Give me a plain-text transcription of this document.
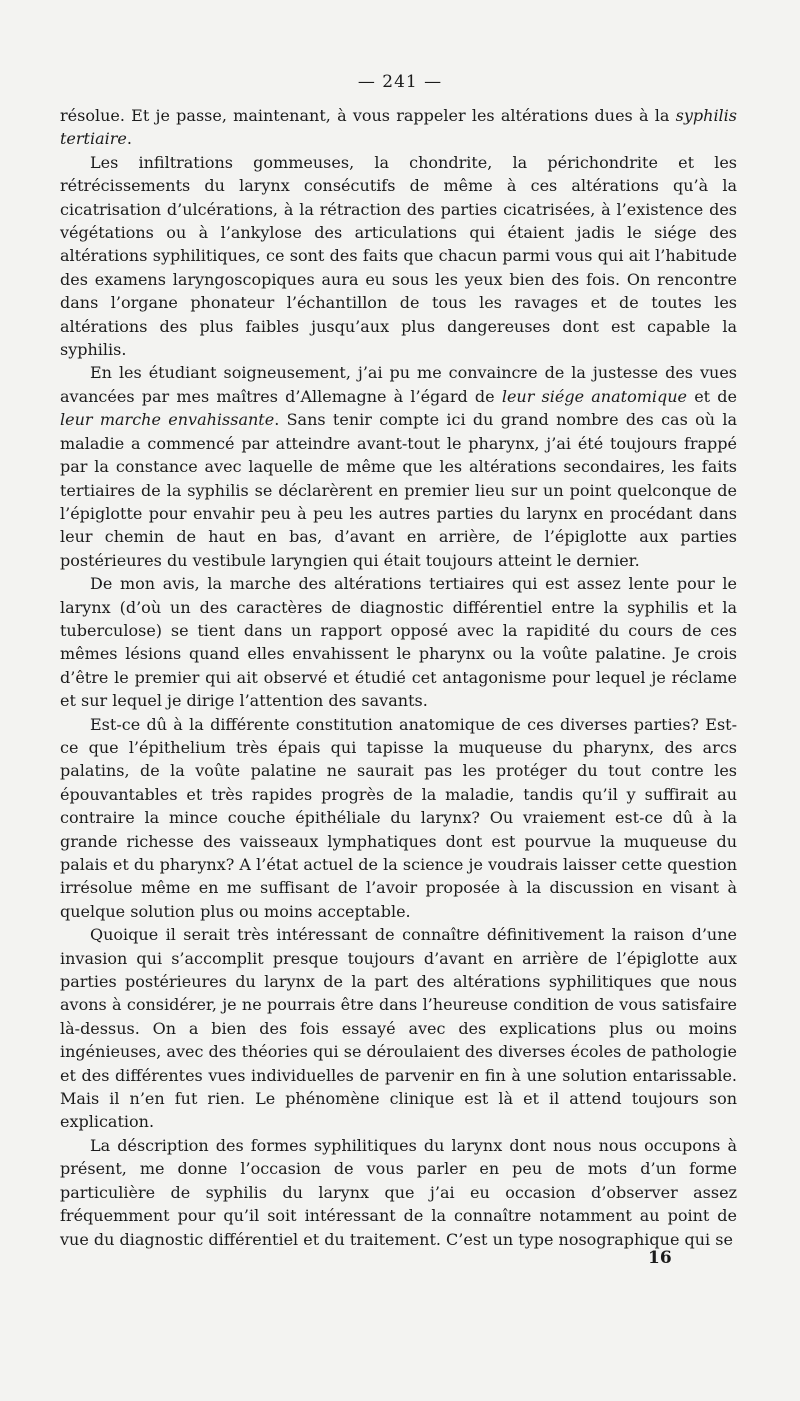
— 241 —

résolue. Et je passe, maintenant, à vous rappeler les altérations dues à la syphilis tertiaire.

Les infiltrations gommeuses, la chondrite, la périchondrite et les rétrécissements du larynx consécutifs de même à ces altérations qu’à la cicatrisation d’ulcérations, à la rétraction des parties cicatrisées, à l’existence des végétations ou à l’ankylose des articulations qui étaient jadis le siége des altérations syphilitiques, ce sont des faits que chacun parmi vous qui ait l’habitude des examens laryngoscopiques aura eu sous les yeux bien des fois. On rencontre dans l’organe phonateur l’échantillon de tous les ravages et de toutes les altérations des plus faibles jusqu’aux plus dangereuses dont est capable la syphilis.

En les étudiant soigneusement, j’ai pu me convaincre de la justesse des vues avancées par mes maîtres d’Allemagne à l’égard de leur siége anatomique et de leur marche envahissante. Sans tenir compte ici du grand nombre des cas où la maladie a commencé par atteindre avant-tout le pharynx, j’ai été toujours frappé par la constance avec laquelle de même que les altérations secondaires, les faits tertiaires de la syphilis se déclarèrent en premier lieu sur un point quelconque de l’épiglotte pour envahir peu à peu les autres parties du larynx en procédant dans leur chemin de haut en bas, d’avant en arrière, de l’épiglotte aux parties postérieures du vestibule laryngien qui était toujours atteint le dernier.

De mon avis, la marche des altérations tertiaires qui est assez lente pour le larynx (d’où un des caractères de diagnostic différentiel entre la syphilis et la tuberculose) se tient dans un rapport opposé avec la rapidité du cours de ces mêmes lésions quand elles envahissent le pharynx ou la voûte palatine. Je crois d’être le premier qui ait observé et étudié cet antagonisme pour lequel je réclame et sur lequel je dirige l’attention des savants.

Est-ce dû à la différente constitution anatomique de ces diverses parties? Est-ce que l’épithelium très épais qui tapisse la muqueuse du pharynx, des arcs palatins, de la voûte palatine ne saurait pas les protéger du tout contre les épouvantables et très rapides progrès de la maladie, tandis qu’il y suffirait au contraire la mince couche épithéliale du larynx? Ou vraiement est-ce dû à la grande richesse des vaisseaux lymphatiques dont est pourvue la muqueuse du palais et du pharynx? A l’état actuel de la science je voudrais laisser cette question irrésolue même en me suffisant de l’avoir proposée à la discussion en visant à quelque solution plus ou moins acceptable.

Quoique il serait très intéressant de connaître définitivement la raison d’une invasion qui s’accomplit presque toujours d’avant en arrière de l’épiglotte aux parties postérieures du larynx de la part des altérations syphilitiques que nous avons à considérer, je ne pourrais être dans l’heureuse condition de vous satisfaire là-dessus. On a bien des fois essayé avec des explications plus ou moins ingénieuses, avec des théories qui se déroulaient des diverses écoles de pathologie et des différentes vues individuelles de parvenir en fin à une solution entarissable. Mais il n’en fut rien. Le phénomène clinique est là et il attend toujours son explication.

La déscription des formes syphilitiques du larynx dont nous nous occupons à présent, me donne l’occasion de vous parler en peu de mots d’un forme particulière de syphilis du larynx que j’ai eu occasion d’observer assez fréquemment pour qu’il soit intéressant de la connaître notamment au point de vue du diagnostic différentiel et du traitement. C’est un type nosographique qui se

16
